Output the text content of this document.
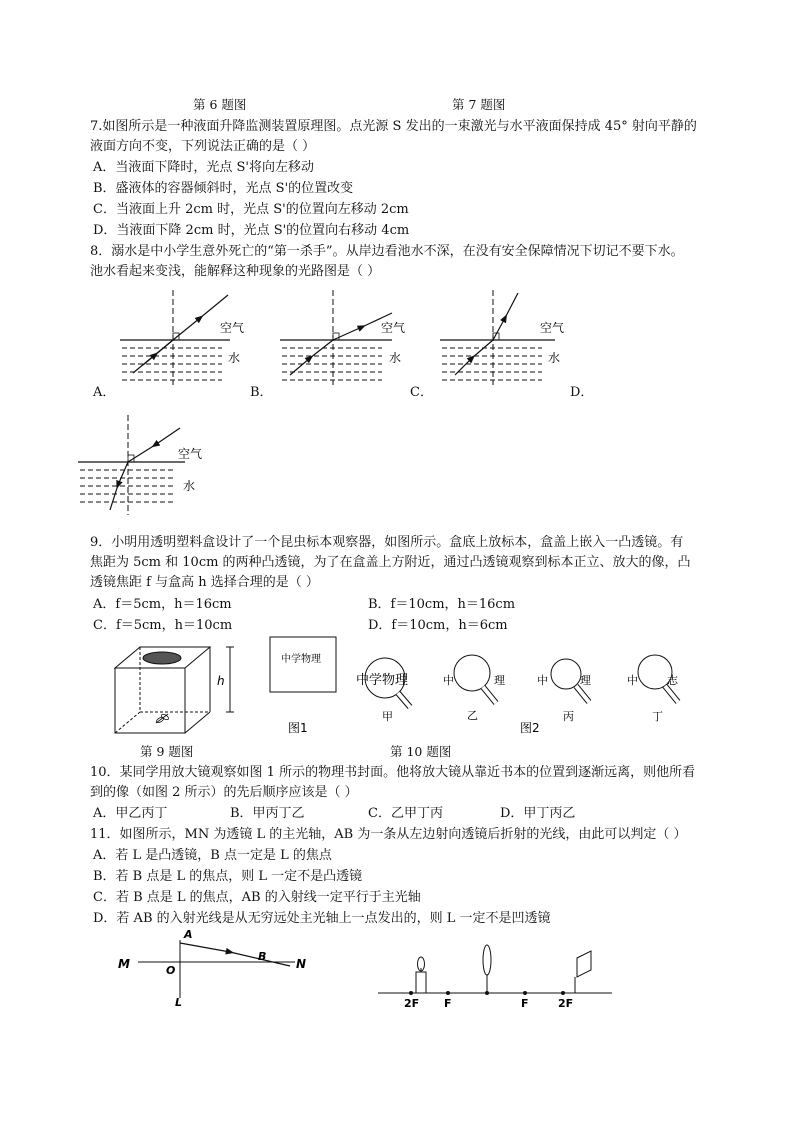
第 6 题图	第 7 题图
7.如图所示是一种液面升降监测装置原理图。点光源 S 发出的一束激光与水平液面保持成 45° 射向平静的
液面方向不变，下列说法正确的是（ ）
A．当液面下降时，光点 S'将向左移动
B．盛液体的容器倾斜时，光点 S'的位置改变
C．当液面上升 2cm 时，光点 S'的位置向左移动 2cm
D．当液面下降 2cm 时，光点 S'的位置向右移动 4cm
8．溺水是中小学生意外死亡的“第一杀手”。从岸边看池水不深，在没有安全保障情况下切记不要下水。
池水看起来变浅，能解释这种现象的光路图是（ ）
空气
水
空气
水
空气
水
空气
水
A．	B．	C．	D．
9．小明用透明塑料盒设计了一个昆虫标本观察器，如图所示。盒底上放标本，盒盖上嵌入一凸透镜。有
焦距为 5cm 和 10cm 的两种凸透镜，为了在盒盖上方附近，通过凸透镜观察到标本正立、放大的像，凸
透镜焦距 f 与盒高 h 选择合理的是（ ）
A．f＝5cm，h＝16cm	B．f＝10cm，h＝16cm
C．f＝5cm，h＝10cm	D．f＝10cm，h＝6cm
h
中学物理
图1
中学物理
甲
中	理
乙
中	理
丙
中	志
丁
图2
第 9 题图	第 10 题图
10．某同学用放大镜观察如图 1 所示的物理书封面。他将放大镜从靠近书本的位置到逐渐远离，则他所看
到的像（如图 2 所示）的先后顺序应该是（ ）
A．甲乙丙丁	B．甲丙丁乙	C．乙甲丁丙	D．甲丁丙乙
11．如图所示，MN 为透镜 L 的主光轴，AB 为一条从左边射向透镜后折射的光线，由此可以判定（ ）
A．若 L 是凸透镜，B 点一定是 L 的焦点
B．若 B 点是 L 的焦点，则 L 一定不是凸透镜
C．若 B 点是 L 的焦点，AB 的入射线一定平行于主光轴
D．若 AB 的入射光线是从无穷远处主光轴上一点发出的，则 L 一定不是凹透镜
M	N
A
B
O
L	2F F	F	2F
